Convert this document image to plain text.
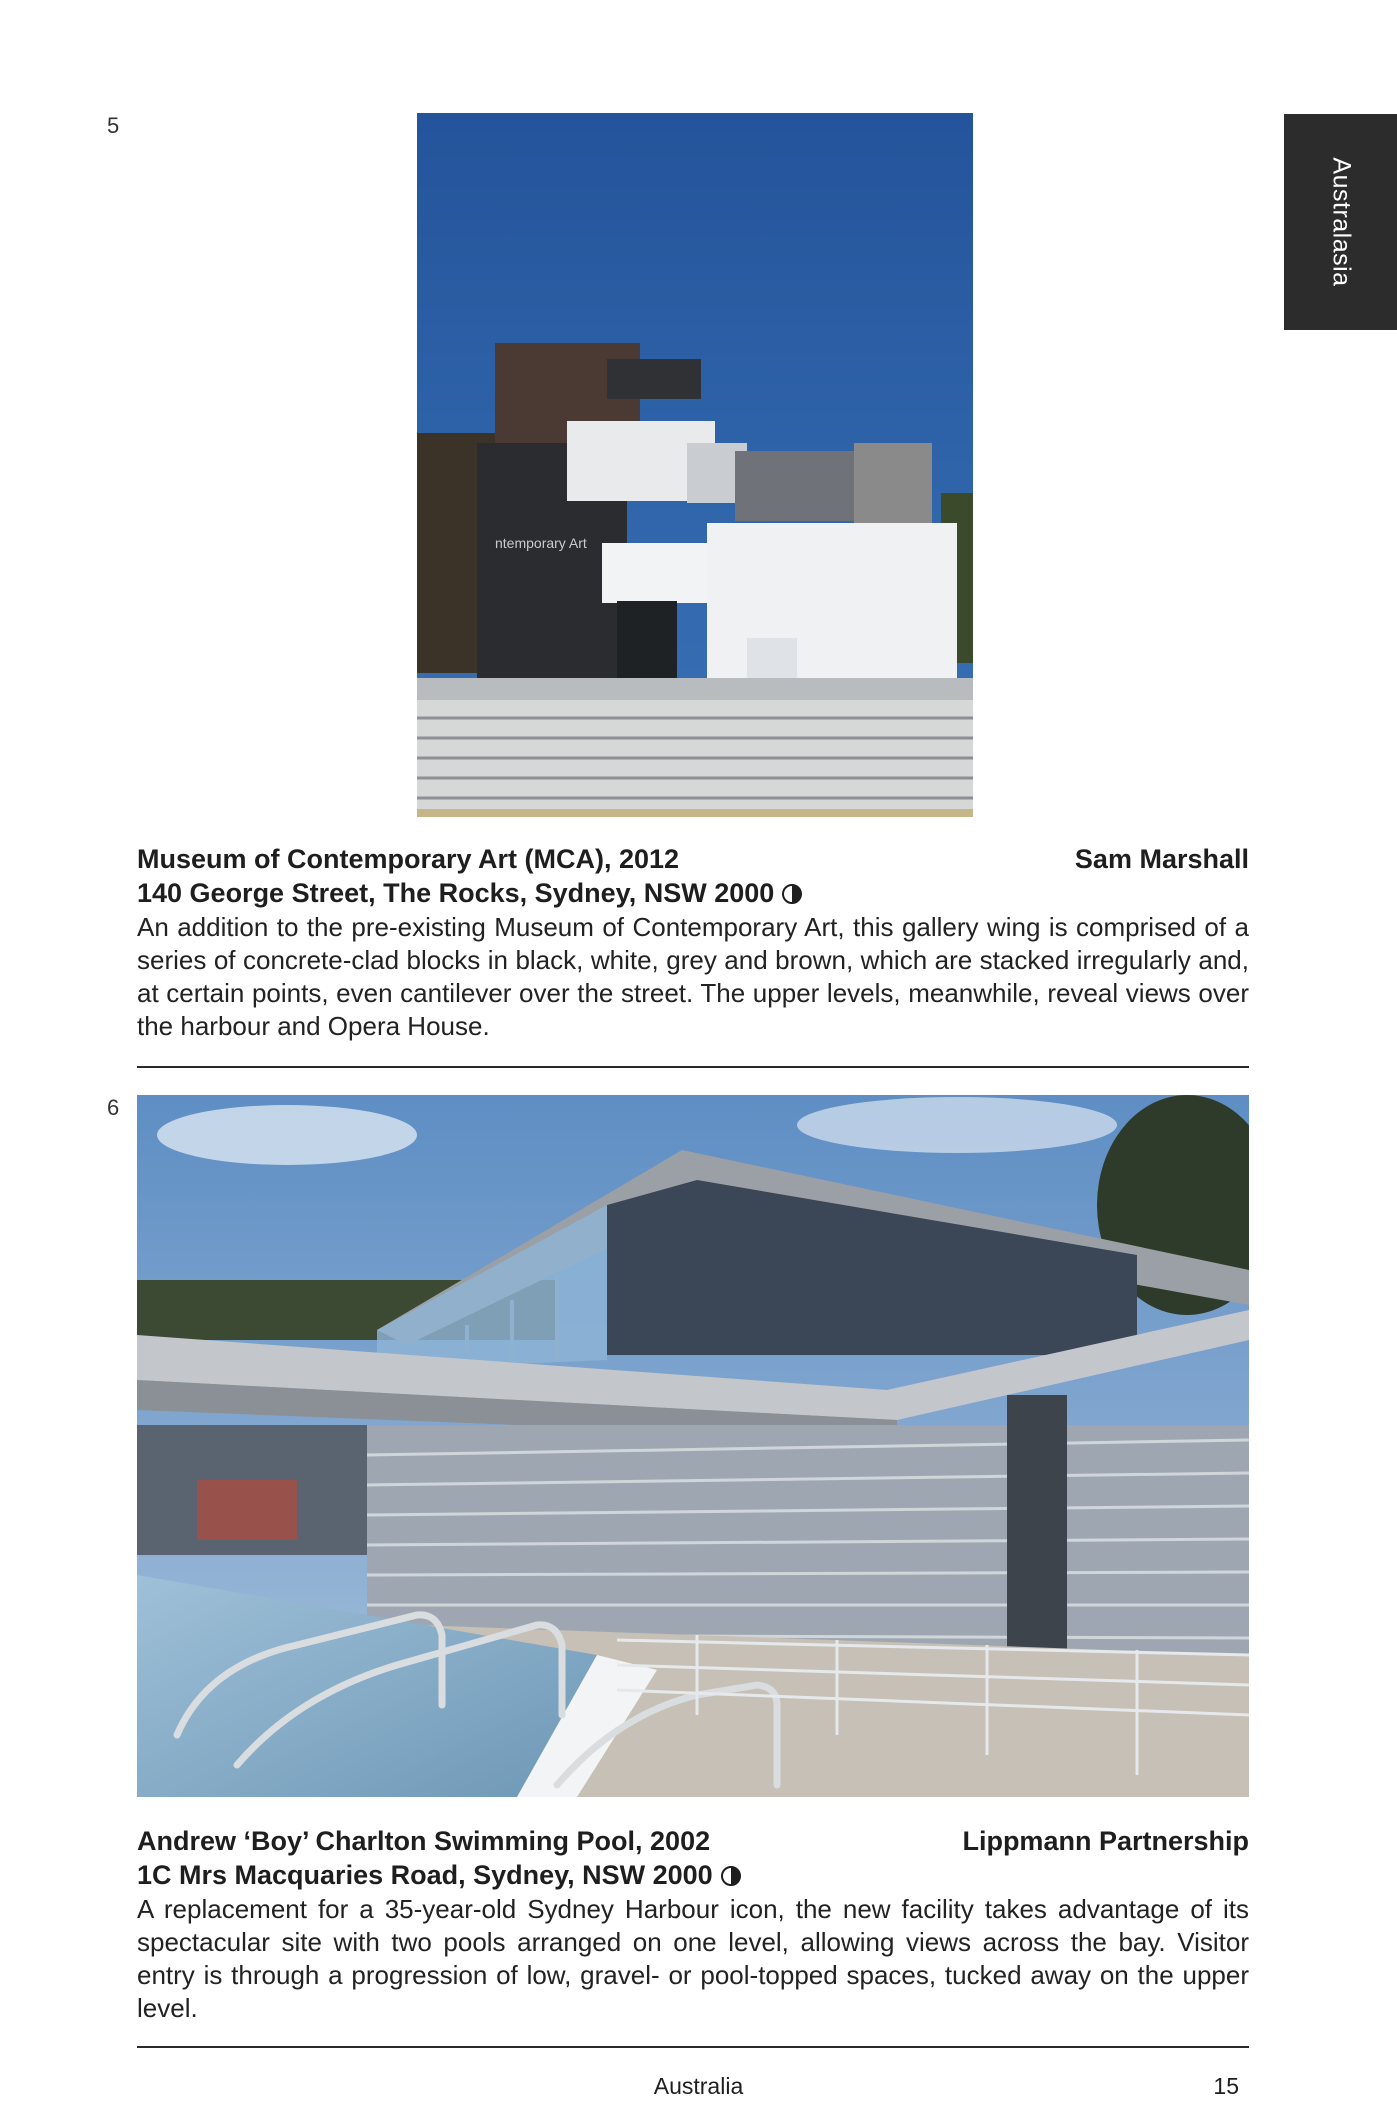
Australasia
5
ntemporary Art
Museum of Contemporary Art (MCA), 2012	Sam Marshall
140 George Street, The Rocks, Sydney, NSW 2000

An addition to the pre-existing Museum of Contemporary Art, this gallery wing is comprised of a series of concrete-clad blocks in black, white, grey and brown, which are stacked irregularly and, at certain points, even cantilever over the street. The upper levels, meanwhile, reveal views over the harbour and Opera House.

6
Andrew ‘Boy’ Charlton Swimming Pool, 2002	Lippmann Partnership
1C Mrs Macquaries Road, Sydney, NSW 2000

A replacement for a 35-year-old Sydney Harbour icon, the new facility takes advantage of its spectacular site with two pools arranged on one level, allowing views across the bay. Visitor entry is through a progression of low, gravel- or pool-topped spaces, tucked away on the upper level.

Australia	15
